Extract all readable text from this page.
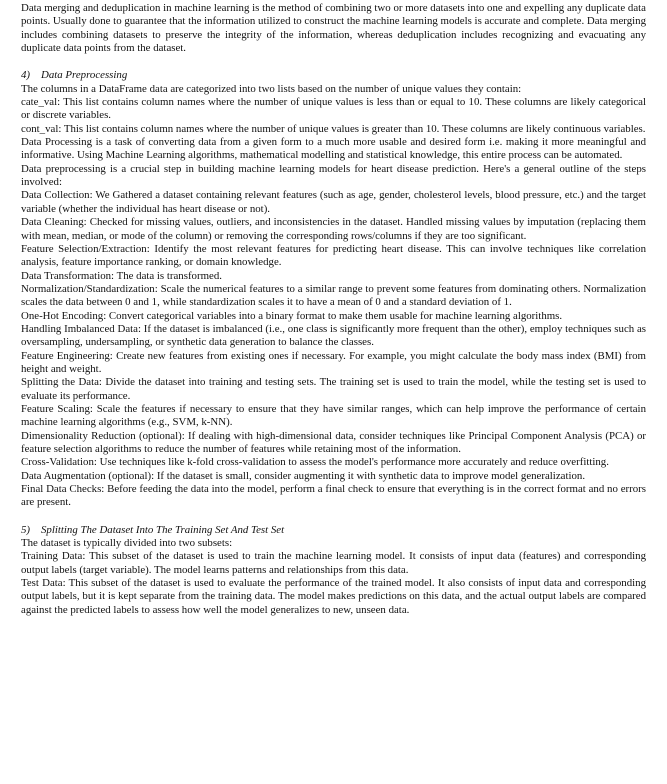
Data merging and deduplication in machine learning is the method of combining two or more datasets into one and expelling any duplicate data points. Usually done to guarantee that the information utilized to construct the machine learning models is accurate and complete. Data merging includes combining datasets to preserve the integrity of the information, whereas deduplication includes recognizing and evacuating any duplicate data points from the dataset.

4) Data Preprocessing

The columns in a DataFrame data are categorized into two lists based on the number of unique values they contain:

cate_val: This list contains column names where the number of unique values is less than or equal to 10. These columns are likely categorical or discrete variables.

cont_val: This list contains column names where the number of unique values is greater than 10. These columns are likely continuous variables.

Data Processing is a task of converting data from a given form to a much more usable and desired form i.e. making it more meaningful and informative. Using Machine Learning algorithms, mathematical modelling and statistical knowledge, this entire process can be automated.

Data preprocessing is a crucial step in building machine learning models for heart disease prediction. Here's a general outline of the steps involved:

Data Collection: We Gathered a dataset containing relevant features (such as age, gender, cholesterol levels, blood pressure, etc.) and the target variable (whether the individual has heart disease or not).

Data Cleaning: Checked for missing values, outliers, and inconsistencies in the dataset. Handled missing values by imputation (replacing them with mean, median, or mode of the column) or removing the corresponding rows/columns if they are too significant.

Feature Selection/Extraction: Identify the most relevant features for predicting heart disease. This can involve techniques like correlation analysis, feature importance ranking, or domain knowledge.

Data Transformation: The data is transformed.

Normalization/Standardization: Scale the numerical features to a similar range to prevent some features from dominating others. Normalization scales the data between 0 and 1, while standardization scales it to have a mean of 0 and a standard deviation of 1.

One-Hot Encoding: Convert categorical variables into a binary format to make them usable for machine learning algorithms.

Handling Imbalanced Data: If the dataset is imbalanced (i.e., one class is significantly more frequent than the other), employ techniques such as oversampling, undersampling, or synthetic data generation to balance the classes.

Feature Engineering: Create new features from existing ones if necessary. For example, you might calculate the body mass index (BMI) from height and weight.

Splitting the Data: Divide the dataset into training and testing sets. The training set is used to train the model, while the testing set is used to evaluate its performance.

Feature Scaling: Scale the features if necessary to ensure that they have similar ranges, which can help improve the performance of certain machine learning algorithms (e.g., SVM, k-NN).

Dimensionality Reduction (optional): If dealing with high-dimensional data, consider techniques like Principal Component Analysis (PCA) or feature selection algorithms to reduce the number of features while retaining most of the information.

Cross-Validation: Use techniques like k-fold cross-validation to assess the model's performance more accurately and reduce overfitting.

Data Augmentation (optional): If the dataset is small, consider augmenting it with synthetic data to improve model generalization.

Final Data Checks: Before feeding the data into the model, perform a final check to ensure that everything is in the correct format and no errors are present.

5) Splitting The Dataset Into The Training Set And Test Set

The dataset is typically divided into two subsets:

Training Data: This subset of the dataset is used to train the machine learning model. It consists of input data (features) and corresponding output labels (target variable). The model learns patterns and relationships from this data.

Test Data: This subset of the dataset is used to evaluate the performance of the trained model. It also consists of input data and corresponding output labels, but it is kept separate from the training data. The model makes predictions on this data, and the actual output labels are compared against the predicted labels to assess how well the model generalizes to new, unseen data.
